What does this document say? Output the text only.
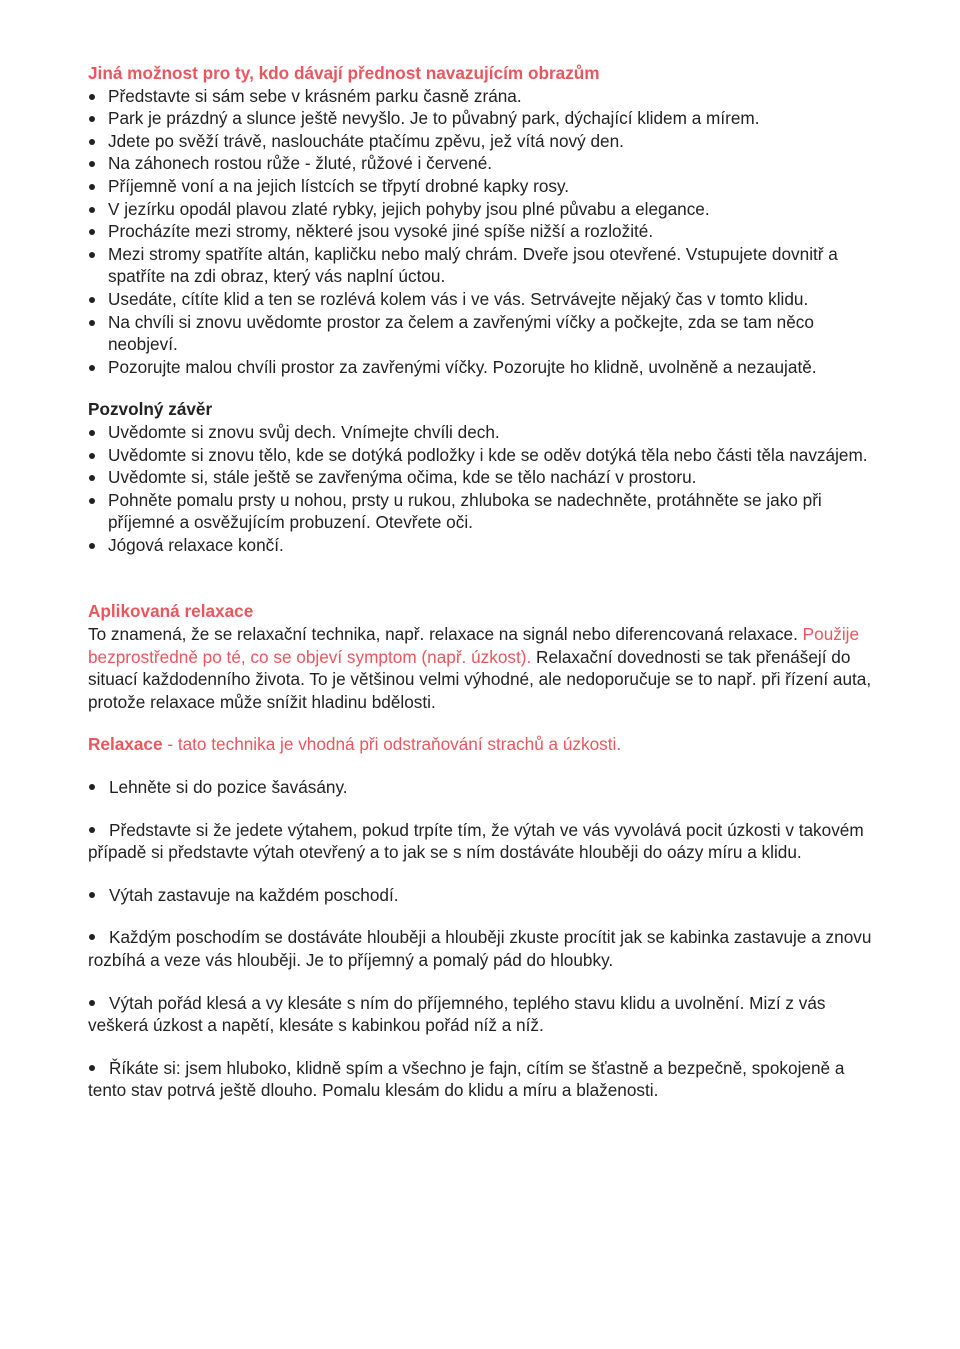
Jiná možnost pro ty, kdo dávají přednost navazujícím obrazům

Představte si sám sebe v krásném parku časně zrána.
Park je prázdný a slunce ještě nevyšlo. Je to půvabný park, dýchající klidem a mírem.
Jdete po svěží trávě, nasloucháte ptačímu zpěvu, jež vítá nový den.
Na záhonech rostou růže - žluté, růžové i červené.
Příjemně voní a na jejich lístcích se třpytí drobné kapky rosy.
V jezírku opodál plavou zlaté rybky, jejich pohyby jsou plné půvabu a elegance.
Procházíte mezi stromy, některé jsou vysoké jiné spíše nižší a rozložité.
Mezi stromy spatříte altán, kapličku nebo malý chrám. Dveře jsou otevřené. Vstupujete dovnitř a spatříte na zdi obraz, který vás naplní úctou.
Usedáte, cítíte klid a ten se rozlévá kolem vás i ve vás. Setrvávejte nějaký čas v tomto klidu.
Na chvíli si znovu uvědomte prostor za čelem a zavřenými víčky a počkejte, zda se tam něco neobjeví.
Pozorujte malou chvíli prostor za zavřenými víčky. Pozorujte ho klidně, uvolněně a nezaujatě.

Pozvolný závěr

Uvědomte si znovu svůj dech. Vnímejte chvíli dech.
Uvědomte si znovu tělo, kde se dotýká podložky i kde se oděv dotýká těla nebo části těla navzájem.
Uvědomte si, stále ještě se zavřenýma očima, kde se tělo nachází v prostoru.
Pohněte pomalu prsty u nohou, prsty u rukou, zhluboka se nadechněte, protáhněte se jako při příjemné a osvěžujícím probuzení. Otevřete oči.
Jógová relaxace končí.

Aplikovaná relaxace

To znamená, že se relaxační technika, např. relaxace na signál nebo diferencovaná relaxace. Použije bezprostředně po té, co se objeví symptom (např. úzkost). Relaxační dovednosti se tak přenášejí do situací každodenního života. To je většinou velmi výhodné, ale nedoporučuje se to např. při řízení auta, protože relaxace může snížit hladinu bdělosti.

Relaxace - tato technika je vhodná při odstraňování strachů a úzkosti.

Lehněte si do pozice šavásány.

Představte si že jedete výtahem, pokud trpíte tím, že výtah ve vás vyvolává pocit úzkosti v takovém případě si představte výtah otevřený a to jak se s ním dostáváte hlouběji do oázy míru a klidu.

Výtah zastavuje na každém poschodí.

Každým poschodím se dostáváte hlouběji a hlouběji zkuste procítit jak se kabinka zastavuje a znovu rozbíhá a veze vás hlouběji. Je to příjemný a pomalý pád do hloubky.

Výtah pořád klesá a vy klesáte s ním do příjemného, teplého stavu klidu a uvolnění. Mizí z vás veškerá úzkost a napětí, klesáte s kabinkou pořád níž a níž.

Říkáte si: jsem hluboko, klidně spím a všechno je fajn, cítím se šťastně a bezpečně, spokojeně a tento stav potrvá ještě dlouho. Pomalu klesám do klidu a míru a blaženosti.
